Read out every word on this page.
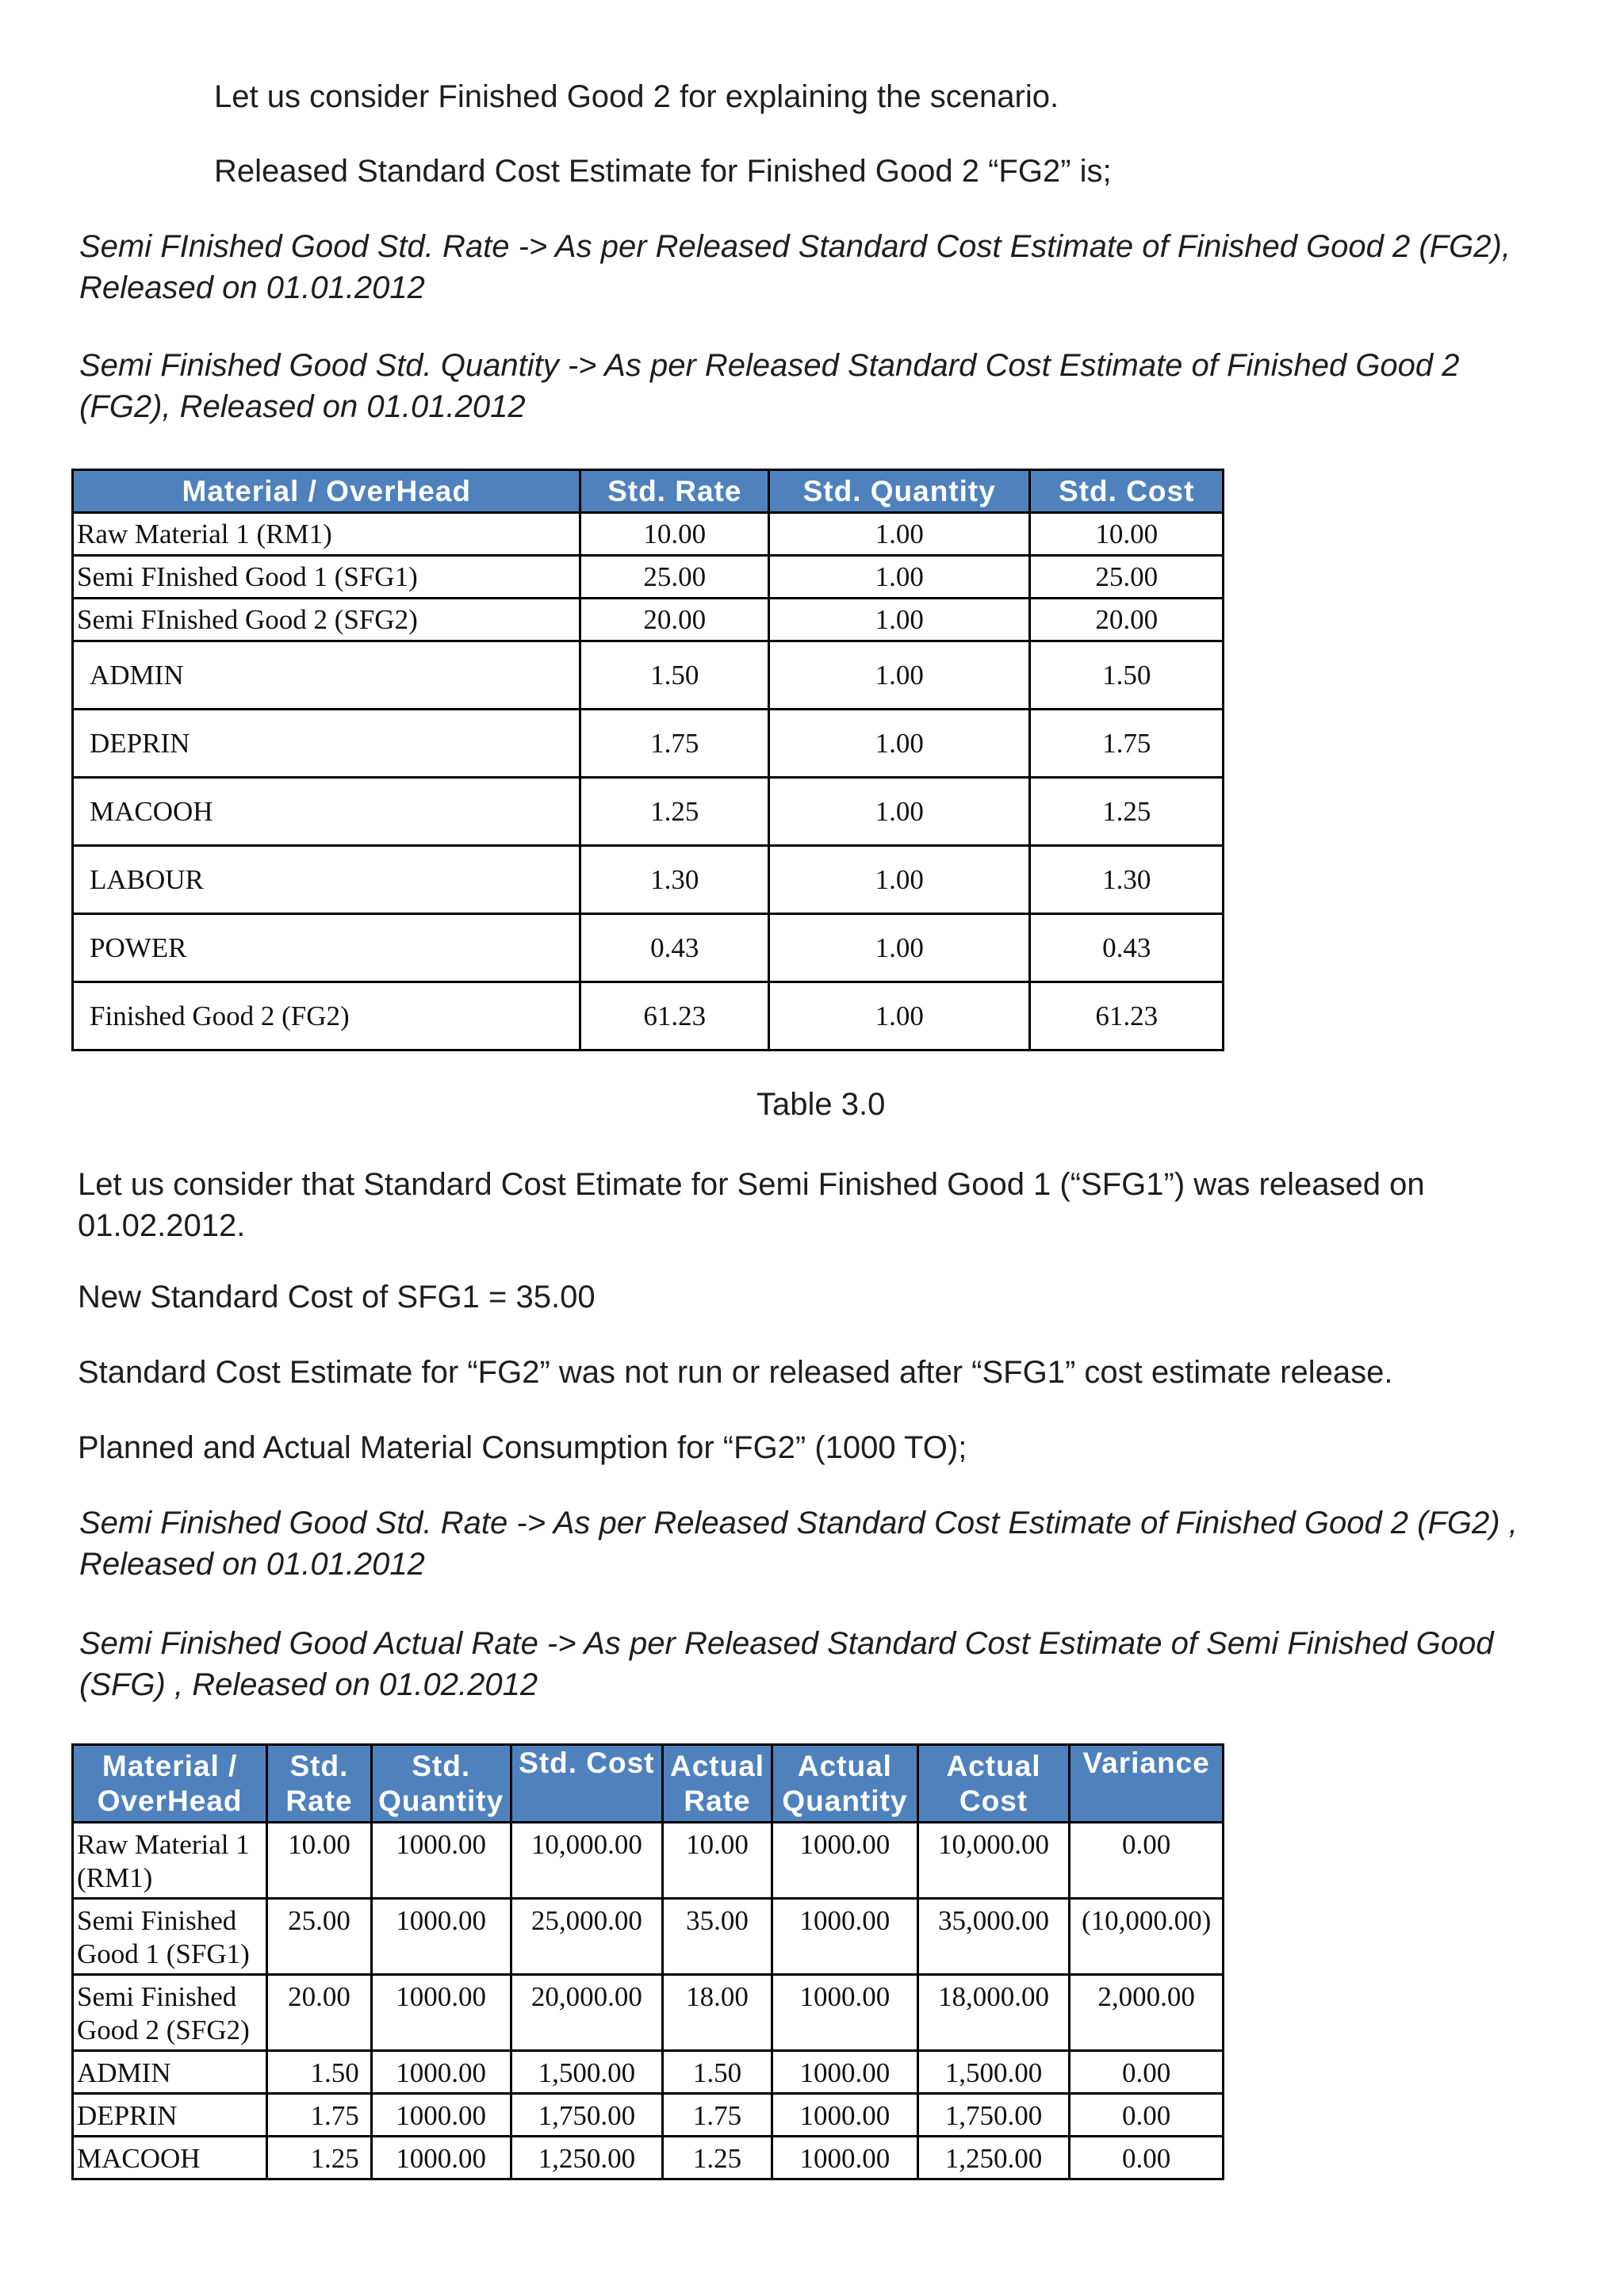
Let us consider Finished Good 2 for explaining the scenario.
Released Standard Cost Estimate for Finished Good 2 “FG2” is;
Semi FInished Good Std. Rate -> As per Released Standard Cost Estimate of Finished Good 2 (FG2), Released on 01.01.2012
Semi Finished Good Std. Quantity -> As per Released Standard Cost Estimate of Finished Good 2 (FG2), Released on 01.01.2012
Material / OverHead	Std. Rate	Std. Quantity	Std. Cost
Raw Material 1 (RM1)	10.00	1.00	10.00
Semi FInished Good 1 (SFG1)	25.00	1.00	25.00
Semi FInished Good 2 (SFG2)	20.00	1.00	20.00
ADMIN	1.50	1.00	1.50
DEPRIN	1.75	1.00	1.75
MACOOH	1.25	1.00	1.25
LABOUR	1.30	1.00	1.30
POWER	0.43	1.00	0.43
Finished Good 2 (FG2)	61.23	1.00	61.23
Table 3.0
Let us consider that Standard Cost Etimate for Semi Finished Good 1 (“SFG1”) was released on 01.02.2012.
New Standard Cost of SFG1 = 35.00
Standard Cost Estimate for “FG2” was not run or released after “SFG1” cost estimate release.
Planned and Actual Material Consumption for “FG2” (1000 TO);
Semi Finished Good Std. Rate -> As per Released Standard Cost Estimate of Finished Good 2 (FG2) , Released on 01.01.2012
Semi Finished Good Actual Rate -> As per Released Standard Cost Estimate of Semi Finished Good (SFG) , Released on 01.02.2012
Material / OverHead	Std. Rate	Std. Quantity	Std. Cost	Actual Rate	Actual Quantity	Actual Cost	Variance
Raw Material 1 (RM1)	10.00	1000.00	10,000.00	10.00	1000.00	10,000.00	0.00
Semi Finished Good 1 (SFG1)	25.00	1000.00	25,000.00	35.00	1000.00	35,000.00	(10,000.00)
Semi Finished Good 2 (SFG2)	20.00	1000.00	20,000.00	18.00	1000.00	18,000.00	2,000.00
ADMIN	1.50	1000.00	1,500.00	1.50	1000.00	1,500.00	0.00
DEPRIN	1.75	1000.00	1,750.00	1.75	1000.00	1,750.00	0.00
MACOOH	1.25	1000.00	1,250.00	1.25	1000.00	1,250.00	0.00
